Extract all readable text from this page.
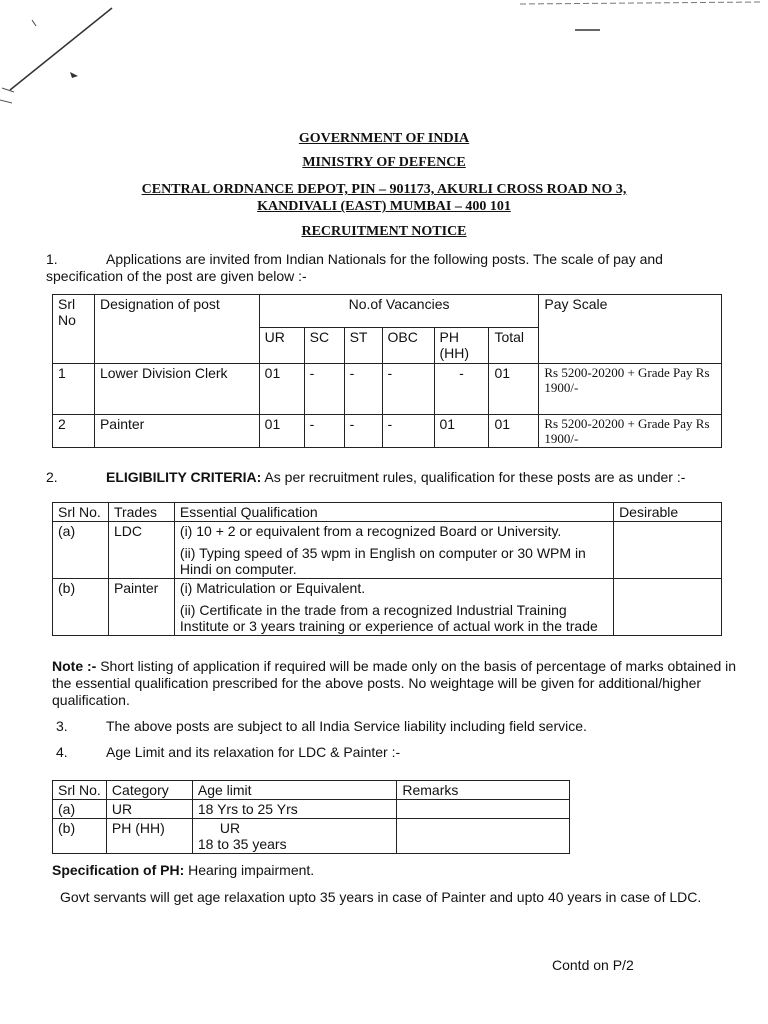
GOVERNMENT OF INDIA

MINISTRY OF DEFENCE

CENTRAL ORDNANCE DEPOT, PIN – 901173, AKURLI CROSS ROAD NO 3,

KANDIVALI (EAST) MUMBAI – 400 101

RECRUITMENT NOTICE

1.	Applications are invited from Indian Nationals for the following posts. The scale of pay and

specification of the post are given below :-

Srl No	Designation of post	No.of Vacancies						Pay Scale
		UR	SC	ST	OBC	PH (HH)	Total	
1	Lower Division Clerk	01	-	-	-	-	01	Rs 5200-20200 + Grade Pay Rs 1900/-
2	Painter	01	-	-	-	01	01	Rs 5200-20200 + Grade Pay Rs 1900/-

2.	ELIGIBILITY CRITERIA: As per recruitment rules, qualification for these posts are as under :-

Srl No.	Trades	Essential Qualification	Desirable
(a)	LDC	(i) 10 + 2 or equivalent from a recognized Board or University.

(ii) Typing speed of 35 wpm in English on computer or 30 WPM in Hindi on computer.	

(b)	Painter	(i) Matriculation or Equivalent.

(ii) Certificate in the trade from a recognized Industrial Training Institute or 3 years training or experience of actual work in the trade	

Note :- Short listing of application if required will be made only on the basis of percentage of marks obtained in the essential qualification prescribed for the above posts. No weightage will be given for additional/higher qualification.

3.	The above posts are subject to all India Service liability including field service.

4.	Age Limit and its relaxation for LDC & Painter :-

Srl No.	Category	Age limit	Remarks
(a)	UR	18 Yrs to 25 Yrs	
(b)	PH (HH)	UR

18 to 35 years	

Specification of PH: Hearing impairment.

Govt servants will get age relaxation upto 35 years in case of Painter and upto 40 years in case of LDC.

Contd on P/2
